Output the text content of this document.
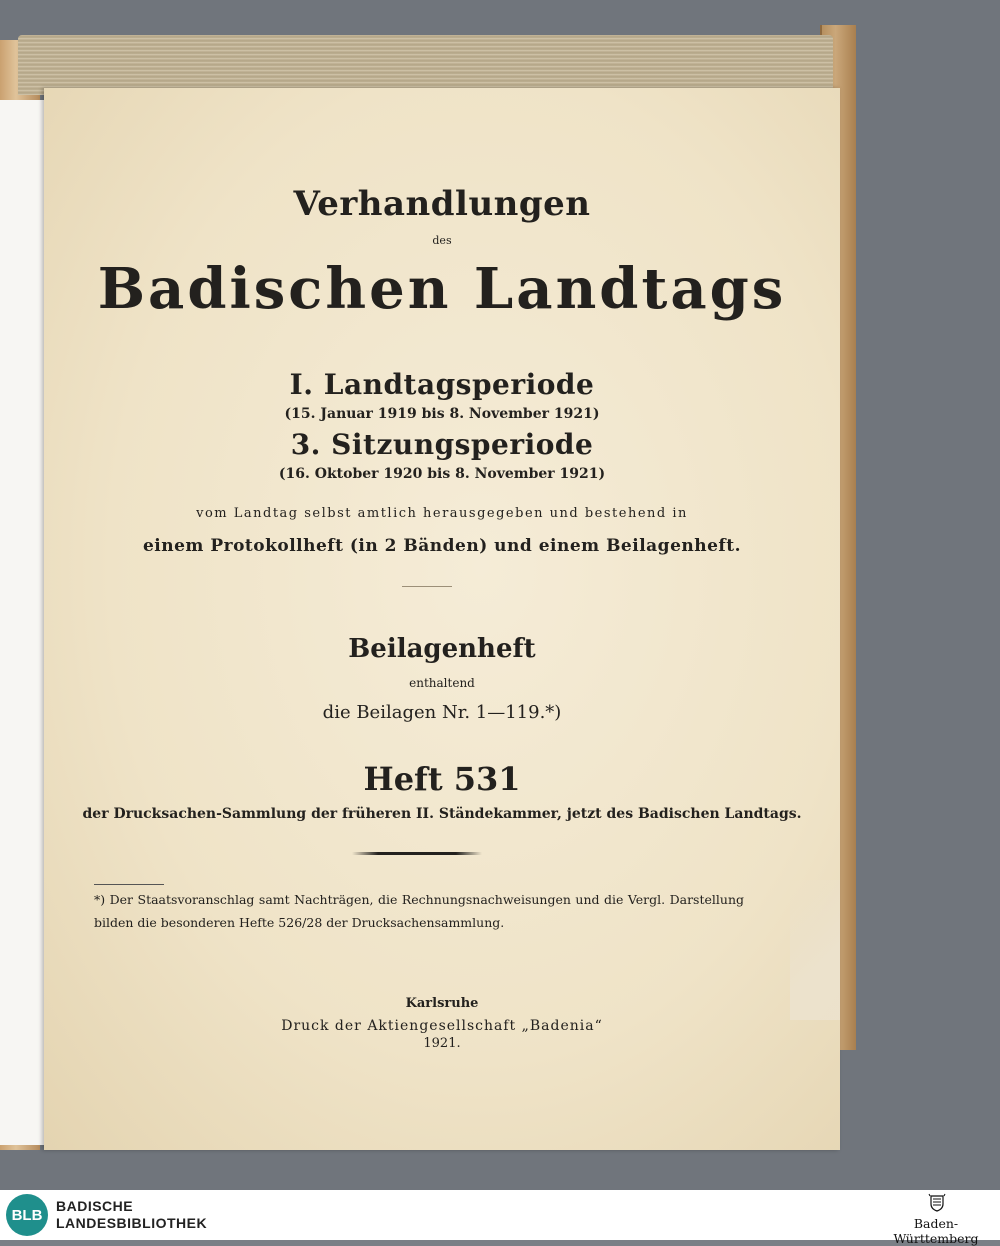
Verhandlungen

des

Badischen Landtags

I. Landtagsperiode

(15. Januar 1919 bis 8. November 1921)

3. Sitzungsperiode

(16. Oktober 1920 bis 8. November 1921)

vom Landtag selbst amtlich herausgegeben und bestehend in

einem Protokollheft (in 2 Bänden) und einem Beilagenheft.

Beilagenheft

enthaltend

die Beilagen Nr. 1—119.*)

Heft 531

der Drucksachen-Sammlung der früheren II. Ständekammer, jetzt des Badischen Landtags.

*) Der Staatsvoranschlag samt Nachträgen, die Rechnungsnachweisungen und die Vergl. Darstellung bilden die besonderen Hefte 526/28 der Drucksachensammlung.

Karlsruhe

Druck der Aktiengesellschaft „Badenia“

1921.

BLB
BADISCHE
LANDESBIBLIOTHEK	Baden-Württemberg
